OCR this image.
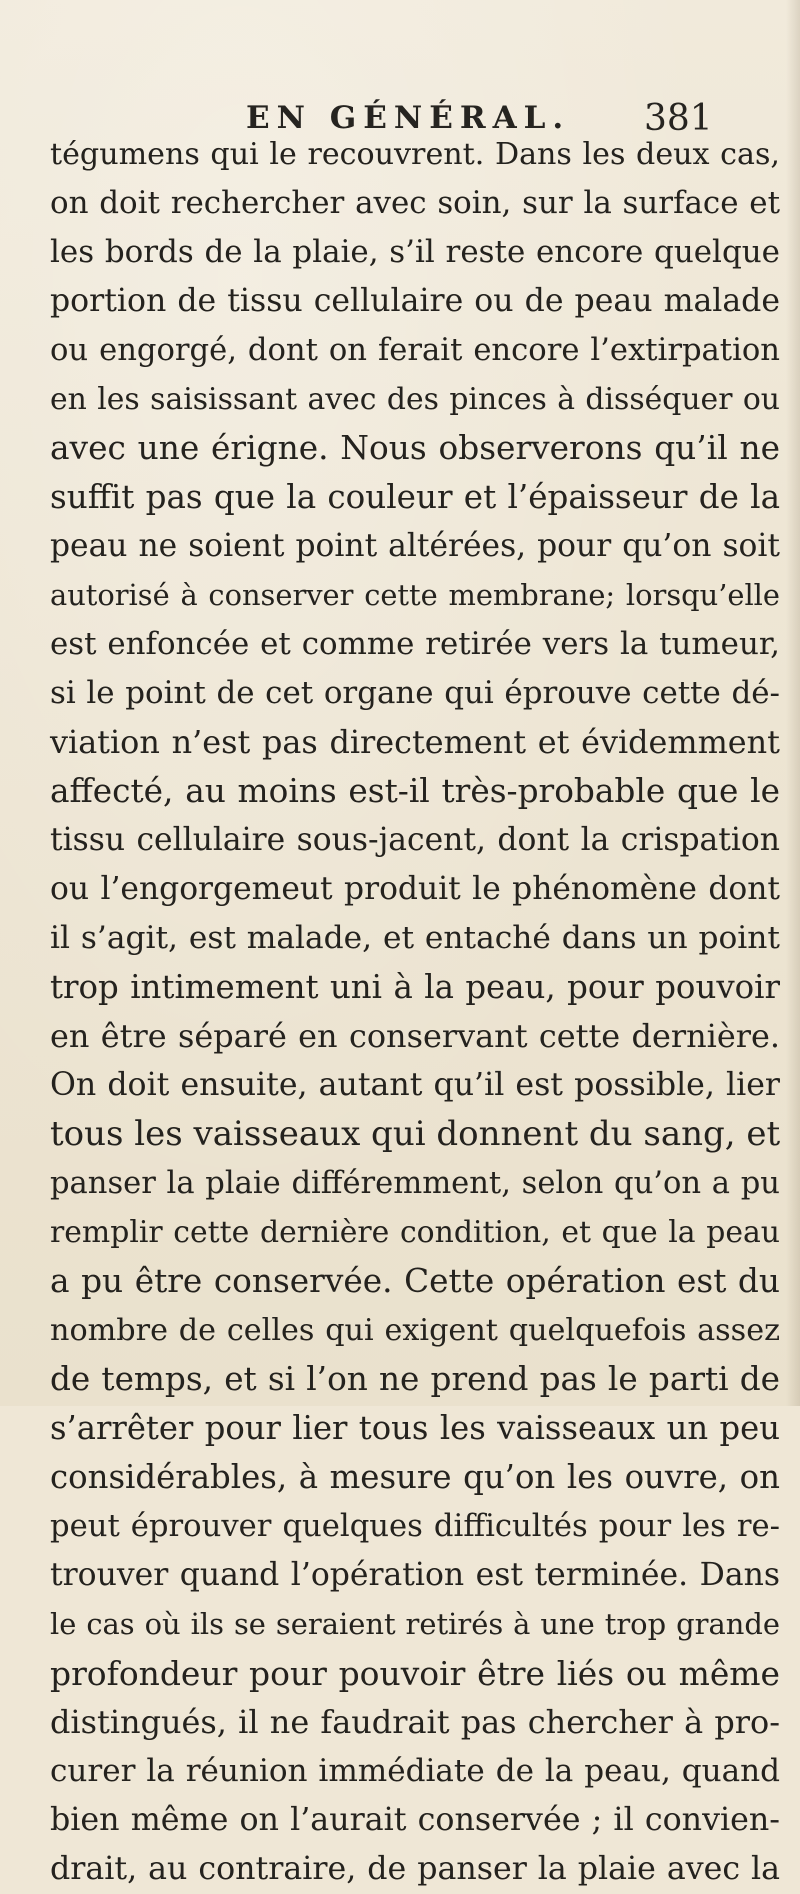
EN GÉNÉRAL. 381
tégumens qui le recouvrent. Dans les deux cas,
on doit rechercher avec soin, sur la surface et
les bords de la plaie, s’il reste encore quelque
portion de tissu cellulaire ou de peau malade
ou engorgé, dont on ferait encore l’extirpation
en les saisissant avec des pinces à disséquer ou
avec une érigne. Nous observerons qu’il ne
suffit pas que la couleur et l’épaisseur de la
peau ne soient point altérées, pour qu’on soit
autorisé à conserver cette membrane; lorsqu’elle
est enfoncée et comme retirée vers la tumeur,
si le point de cet organe qui éprouve cette dé-
viation n’est pas directement et évidemment
affecté, au moins est-il très-probable que le
tissu cellulaire sous-jacent, dont la crispation
ou l’engorgemeut produit le phénomène dont
il s’agit, est malade, et entaché dans un point
trop intimement uni à la peau, pour pouvoir
en être séparé en conservant cette dernière.
On doit ensuite, autant qu’il est possible, lier
tous les vaisseaux qui donnent du sang, et
panser la plaie différemment, selon qu’on a pu
remplir cette dernière condition, et que la peau
a pu être conservée. Cette opération est du
nombre de celles qui exigent quelquefois assez
de temps, et si l’on ne prend pas le parti de
s’arrêter pour lier tous les vaisseaux un peu
considérables, à mesure qu’on les ouvre, on
peut éprouver quelques difficultés pour les re-
trouver quand l’opération est terminée. Dans
le cas où ils se seraient retirés à une trop grande
profondeur pour pouvoir être liés ou même
distingués, il ne faudrait pas chercher à pro-
curer la réunion immédiate de la peau, quand
bien même on l’aurait conservée ; il convien-
drait, au contraire, de panser la plaie avec la
